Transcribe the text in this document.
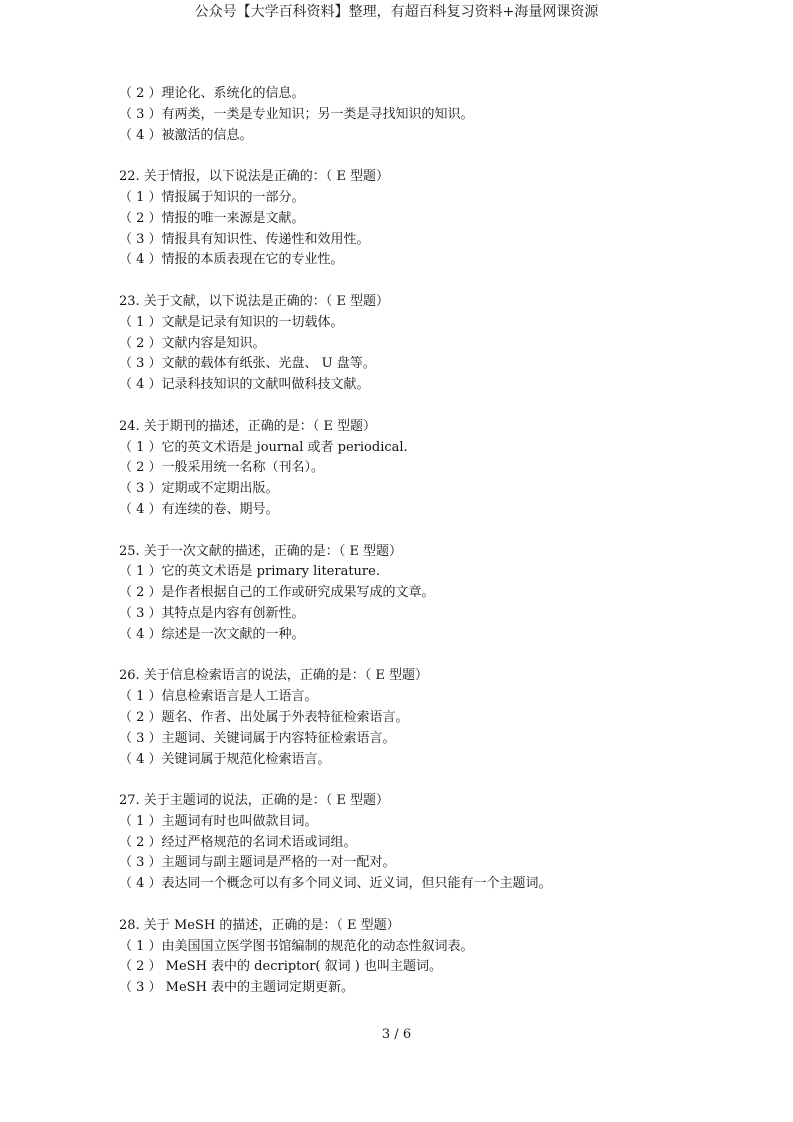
公众号【大学百科资料】整理，有超百科复习资料+海量网课资源
（ 2 ）理论化、系统化的信息。
（ 3 ）有两类，一类是专业知识；另一类是寻找知识的知识。
（ 4 ）被激活的信息。
22. 关于情报，以下说法是正确的：（ E 型题）
（ 1 ）情报属于知识的一部分。
（ 2 ）情报的唯一来源是文献。
（ 3 ）情报具有知识性、传递性和效用性。
（ 4 ）情报的本质表现在它的专业性。
23. 关于文献，以下说法是正确的：（ E 型题）
（ 1 ）文献是记录有知识的一切载体。
（ 2 ）文献内容是知识。
（ 3 ）文献的载体有纸张、光盘、 U 盘等。
（ 4 ）记录科技知识的文献叫做科技文献。
24. 关于期刊的描述，正确的是：（ E 型题）
（ 1 ）它的英文术语是 journal 或者 periodical.
（ 2 ）一般采用统一名称（刊名）。
（ 3 ）定期或不定期出版。
（ 4 ）有连续的卷、期号。
25. 关于一次文献的描述，正确的是：（ E 型题）
（ 1 ）它的英文术语是 primary literature.
（ 2 ）是作者根据自己的工作或研究成果写成的文章。
（ 3 ）其特点是内容有创新性。
（ 4 ）综述是一次文献的一种。
26. 关于信息检索语言的说法，正确的是：（ E 型题）
（ 1 ）信息检索语言是人工语言。
（ 2 ）题名、作者、出处属于外表特征检索语言。
（ 3 ）主题词、关键词属于内容特征检索语言。
（ 4 ）关键词属于规范化检索语言。
27. 关于主题词的说法，正确的是：（ E 型题）
（ 1 ）主题词有时也叫做款目词。
（ 2 ）经过严格规范的名词术语或词组。
（ 3 ）主题词与副主题词是严格的一对一配对。
（ 4 ）表达同一个概念可以有多个同义词、近义词，但只能有一个主题词。
28. 关于 MeSH 的描述，正确的是：（ E 型题）
（ 1 ）由美国国立医学图书馆编制的规范化的动态性叙词表。
（ 2 ） MeSH 表中的 decriptor( 叙词 ) 也叫主题词。
（ 3 ） MeSH 表中的主题词定期更新。
3 / 6
